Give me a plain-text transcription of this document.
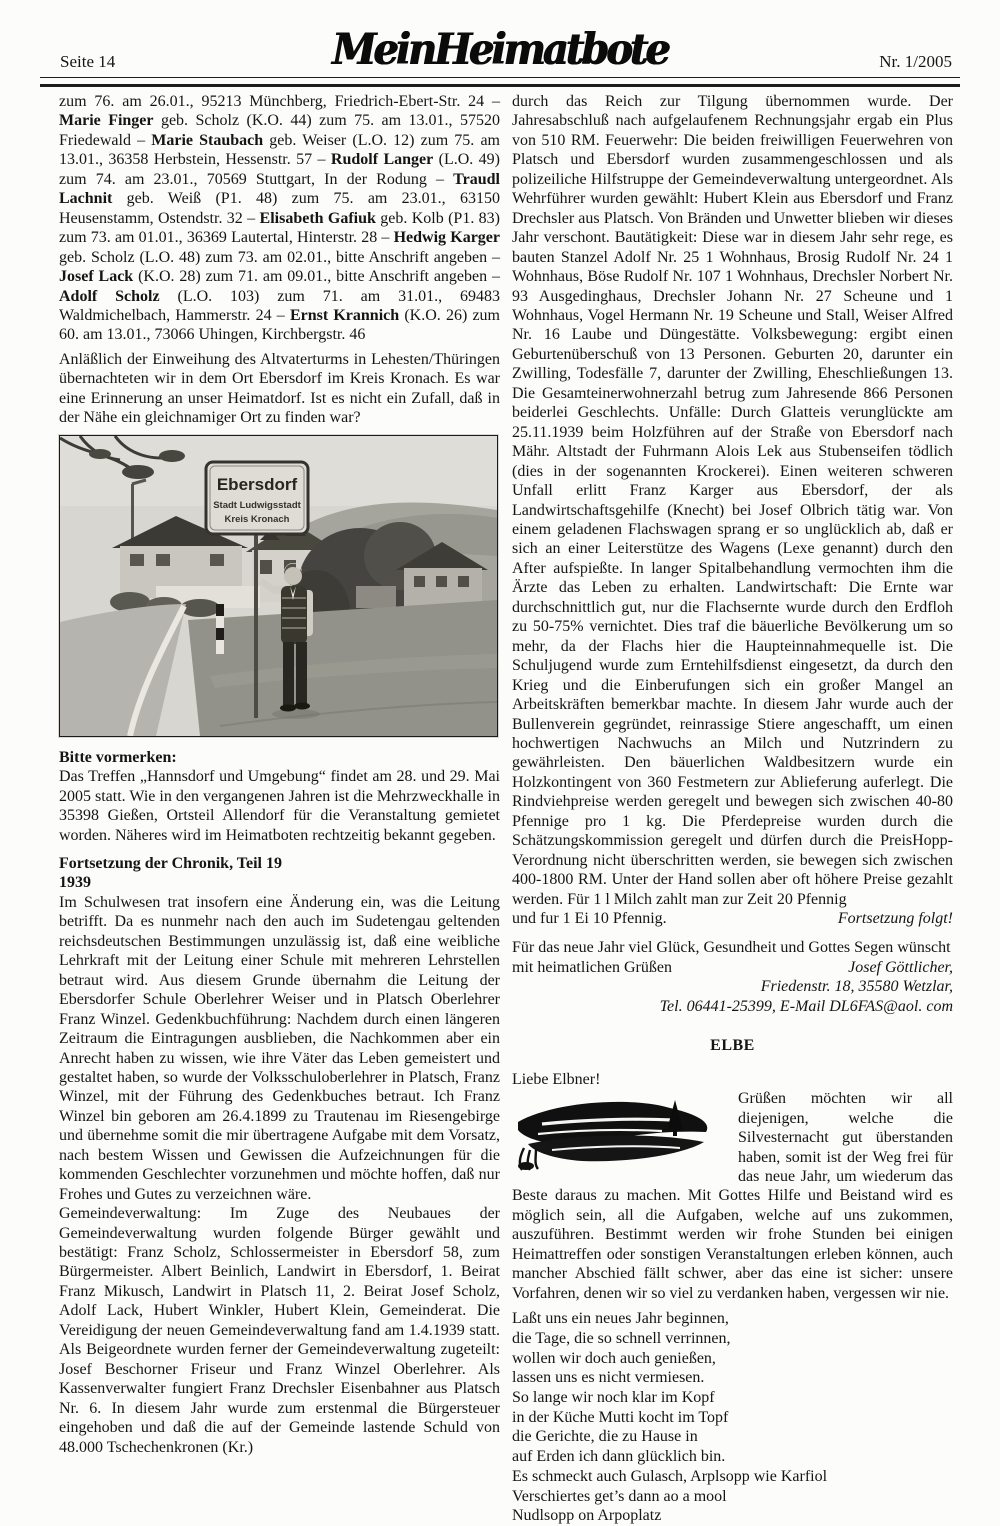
Seite 14	MeinHeimatbote	Nr. 1/2005

zum 76. am 26.01., 95213 Münchberg, Friedrich-Ebert-Str. 24 – Marie Finger geb. Scholz (K.O. 44) zum 75. am 13.01., 57520 Friedewald – Marie Staubach geb. Weiser (L.O. 12) zum 75. am 13.01., 36358 Herbstein, Hessenstr. 57 – Rudolf Langer (L.O. 49) zum 74. am 23.01., 70569 Stuttgart, In der Rodung – Traudl Lachnit geb. Weiß (P1. 48) zum 75. am 23.01., 63150 Heusenstamm, Ostendstr. 32 – Elisabeth Gafiuk geb. Kolb (P1. 83) zum 73. am 01.01., 36369 Lautertal, Hinterstr. 28 – Hedwig Karger geb. Scholz (L.O. 48) zum 73. am 02.01., bitte Anschrift angeben – Josef Lack (K.O. 28) zum 71. am 09.01., bitte Anschrift angeben – Adolf Scholz (L.O. 103) zum 71. am 31.01., 69483 Waldmichelbach, Hammerstr. 24 – Ernst Krannich (K.O. 26) zum 60. am 13.01., 73066 Uhingen, Kirchbergstr. 46

Anläßlich der Einweihung des Altvaterturms in Lehesten/Thüringen übernachteten wir in dem Ort Ebersdorf im Kreis Kronach. Es war eine Erinnerung an unser Heimatdorf. Ist es nicht ein Zufall, daß in der Nähe ein gleichnamiger Ort zu finden war?

Ebersdorf
Stadt Ludwigsstadt
Kreis Kronach

Bitte vormerken:

Das Treffen „Hannsdorf und Umgebung“ findet am 28. und 29. Mai 2005 statt. Wie in den vergangenen Jahren ist die Mehrzweckhalle in 35398 Gießen, Ortsteil Allendorf für die Veranstaltung gemietet worden. Näheres wird im Heimatboten rechtzeitig bekannt gegeben.

Fortsetzung der Chronik, Teil 19

1939

Im Schulwesen trat insofern eine Änderung ein, was die Leitung betrifft. Da es nunmehr nach den auch im Sudetengau geltenden reichsdeutschen Bestimmungen unzulässig ist, daß eine weibliche Lehrkraft mit der Leitung einer Schule mit mehreren Lehrstellen betraut wird. Aus diesem Grunde übernahm die Leitung der Ebersdorfer Schule Oberlehrer Weiser und in Platsch Oberlehrer Franz Winzel. Gedenkbuchführung: Nachdem durch einen längeren Zeitraum die Eintragungen ausblieben, die Nachkommen aber ein Anrecht haben zu wissen, wie ihre Väter das Leben gemeistert und gestaltet haben, so wurde der Volksschuloberlehrer in Platsch, Franz Winzel, mit der Führung des Gedenkbuches betraut. Ich Franz Winzel bin geboren am 26.4.1899 zu Trautenau im Riesengebirge und übernehme somit die mir übertragene Aufgabe mit dem Vorsatz, nach bestem Wissen und Gewissen die Aufzeichnungen für die kommenden Geschlechter vorzunehmen und möchte hoffen, daß nur Frohes und Gutes zu verzeichnen wäre.

Gemeindeverwaltung: Im Zuge des Neubaues der Gemeindeverwaltung wurden folgende Bürger gewählt und bestätigt: Franz Scholz, Schlossermeister in Ebersdorf 58, zum Bürgermeister. Albert Beinlich, Landwirt in Ebersdorf, 1. Beirat Franz Mikusch, Landwirt in Platsch 11, 2. Beirat Josef Scholz, Adolf Lack, Hubert Winkler, Hubert Klein, Gemeinderat. Die Vereidigung der neuen Gemeindeverwaltung fand am 1.4.1939 statt. Als Beigeordnete wurden ferner der Gemeindeverwaltung zugeteilt: Josef Beschorner Friseur und Franz Winzel Oberlehrer. Als Kassenverwalter fungiert Franz Drechsler Eisenbahner aus Platsch Nr. 6. In diesem Jahr wurde zum erstenmal die Bürgersteuer eingehoben und daß die auf der Gemeinde lastende Schuld von 48.000 Tschechenkronen (Kr.)

durch das Reich zur Tilgung übernommen wurde. Der Jahresabschluß nach aufgelaufenem Rechnungsjahr ergab ein Plus von 510 RM. Feuerwehr: Die beiden freiwilligen Feuerwehren von Platsch und Ebersdorf wurden zusammengeschlossen und als polizeiliche Hilfstruppe der Gemeindeverwaltung untergeordnet. Als Wehrführer wurden gewählt: Hubert Klein aus Ebersdorf und Franz Drechsler aus Platsch. Von Bränden und Unwetter blieben wir dieses Jahr verschont. Bautätigkeit: Diese war in diesem Jahr sehr rege, es bauten Stanzel Adolf Nr. 25 1 Wohnhaus, Brosig Rudolf Nr. 24 1 Wohnhaus, Böse Rudolf Nr. 107 1 Wohnhaus, Drechsler Norbert Nr. 93 Ausgedinghaus, Drechsler Johann Nr. 27 Scheune und 1 Wohnhaus, Vogel Hermann Nr. 19 Scheune und Stall, Weiser Alfred Nr. 16 Laube und Düngestätte. Volksbewegung: ergibt einen Geburtenüberschuß von 13 Personen. Geburten 20, darunter ein Zwilling, Todesfälle 7, darunter der Zwilling, Eheschließungen 13. Die Gesamteinerwohnerzahl betrug zum Jahresende 866 Personen beiderlei Geschlechts. Unfälle: Durch Glatteis verunglückte am 25.11.1939 beim Holzführen auf der Straße von Ebersdorf nach Mähr. Altstadt der Fuhrmann Alois Lek aus Stubenseifen tödlich (dies in der sogenannten Krockerei). Einen weiteren schweren Unfall erlitt Franz Karger aus Ebersdorf, der als Landwirtschaftsgehilfe (Knecht) bei Josef Olbrich tätig war. Von einem geladenen Flachswagen sprang er so unglücklich ab, daß er sich an einer Leiterstütze des Wagens (Lexe genannt) durch den After aufspießte. In langer Spitalbehandlung vermochten ihm die Ärzte das Leben zu erhalten. Landwirtschaft: Die Ernte war durchschnittlich gut, nur die Flachsernte wurde durch den Erdfloh zu 50-75% vernichtet. Dies traf die bäuerliche Bevölkerung um so mehr, da der Flachs hier die Haupteinnahmequelle ist. Die Schuljugend wurde zum Erntehilfsdienst eingesetzt, da durch den Krieg und die Einberufungen sich ein großer Mangel an Arbeitskräften bemerkbar machte. In diesem Jahr wurde auch der Bullenverein gegründet, reinrassige Stiere angeschafft, um einen hochwertigen Nachwuchs an Milch und Nutzrindern zu gewährleisten. Den bäuerlichen Waldbesitzern wurde ein Holzkontingent von 360 Festmetern zur Ablieferung auferlegt. Die Rindviehpreise werden geregelt und bewegen sich zwischen 40-80 Pfennige pro 1 kg. Die Pferdepreise wurden durch die Schätzungskommission geregelt und dürfen durch die PreisHopp-Verordnung nicht überschritten werden, sie bewegen sich zwischen 400-1800 RM. Unter der Hand sollen aber oft höhere Preise gezahlt werden. Für 1 l Milch zahlt man zur Zeit 20 Pfennig

und fur 1 Ei 10 Pfennig.	Fortsetzung folgt!

Für das neue Jahr viel Glück, Gesundheit und Gottes Segen wünscht

mit heimatlichen Grüßen	Josef Göttlicher,
Friedenstr. 18, 35580 Wetzlar,
Tel. 06441-25399, E-Mail DL6FAS@aol. com
ELBE
Liebe Elbner!
Grüßen möchten wir all diejenigen, welche die Silvesternacht gut überstanden haben, somit ist der Weg frei für das neue Jahr, um wiederum das Beste daraus zu machen. Mit Gottes Hilfe und Beistand wird es möglich sein, all die Aufgaben, welche auf uns zukommen, auszuführen. Bestimmt werden wir frohe Stunden bei einigen Heimattreffen oder sonstigen Veranstaltungen erleben können, auch mancher Abschied fällt schwer, aber das eine ist sicher: unsere Vorfahren, denen wir so viel zu verdanken haben, vergessen wir nie.
Laßt uns ein neues Jahr beginnen,
die Tage, die so schnell verrinnen,
wollen wir doch auch genießen,
lassen uns es nicht vermiesen.
So lange wir noch klar im Kopf
in der Küche Mutti kocht im Topf
die Gerichte, die zu Hause in
auf Erden ich dann glücklich bin.
Es schmeckt auch Gulasch, Arplsopp wie Karfiol
Verschiertes get’s dann ao a mool
Nudlsopp on Arpoplatz
